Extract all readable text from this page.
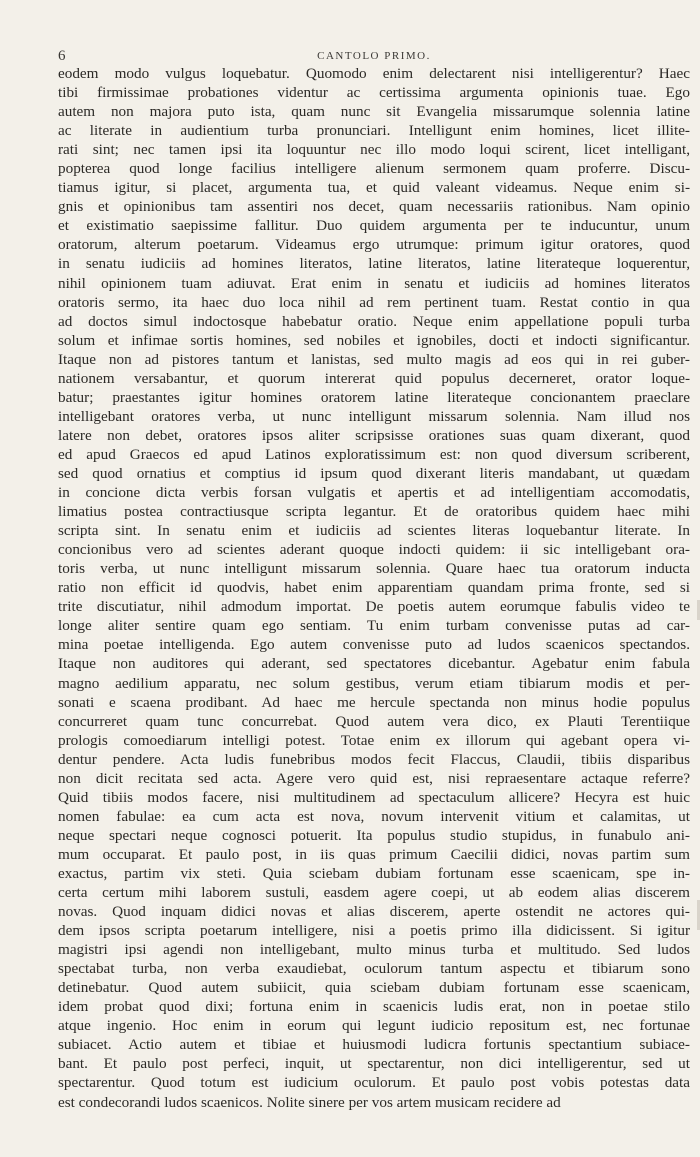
6	CANTOLO PRIMO.
eodem modo vulgus loquebatur. Quomodo enim delectarent nisi intelligerentur? Haec
tibi firmissimae probationes videntur ac certissima argumenta opinionis tuae. Ego
autem non majora puto ista, quam nunc sit Evangelia missarumque solennia latine
ac literate in audientium turba pronunciari. Intelligunt enim homines, licet illite-
rati sint; nec tamen ipsi ita loquuntur nec illo modo loqui scirent, licet intelligant,
popterea quod longe facilius intelligere alienum sermonem quam proferre. Discu-
tiamus igitur, si placet, argumenta tua, et quid valeant videamus. Neque enim si-
gnis et opinionibus tam assentiri nos decet, quam necessariis rationibus. Nam opinio
et existimatio saepissime fallitur. Duo quidem argumenta per te inducuntur, unum
oratorum, alterum poetarum. Videamus ergo utrumque: primum igitur oratores, quod
in senatu iudiciis ad homines literatos, latine literatos, latine literateque loquerentur,
nihil opinionem tuam adiuvat. Erat enim in senatu et iudiciis ad homines literatos
oratoris sermo, ita haec duo loca nihil ad rem pertinent tuam. Restat contio in qua
ad doctos simul indoctosque habebatur oratio. Neque enim appellatione populi turba
solum et infimae sortis homines, sed nobiles et ignobiles, docti et indocti significantur.
Itaque non ad pistores tantum et lanistas, sed multo magis ad eos qui in rei guber-
nationem versabantur, et quorum intererat quid populus decerneret, orator loque-
batur; praestantes igitur homines oratorem latine literateque concionantem praeclare
intelligebant oratores verba, ut nunc intelligunt missarum solennia. Nam illud nos
latere non debet, oratores ipsos aliter scripsisse orationes suas quam dixerant, quod
ed apud Graecos ed apud Latinos exploratissimum est: non quod diversum scriberent,
sed quod ornatius et comptius id ipsum quod dixerant literis mandabant, ut quædam
in concione dicta verbis forsan vulgatis et apertis et ad intelligentiam accomodatis,
limatius postea contractiusque scripta legantur. Et de oratoribus quidem haec mihi
scripta sint. In senatu enim et iudiciis ad scientes literas loquebantur literate. In
concionibus vero ad scientes aderant quoque indocti quidem: ii sic intelligebant ora-
toris verba, ut nunc intelligunt missarum solennia. Quare haec tua oratorum inducta
ratio non efficit id quodvis, habet enim apparentiam quandam prima fronte, sed si
trite discutiatur, nihil admodum importat. De poetis autem eorumque fabulis video te
longe aliter sentire quam ego sentiam. Tu enim turbam convenisse putas ad car-
mina poetae intelligenda. Ego autem convenisse puto ad ludos scaenicos spectandos.
Itaque non auditores qui aderant, sed spectatores dicebantur. Agebatur enim fabula
magno aedilium apparatu, nec solum gestibus, verum etiam tibiarum modis et per-
sonati e scaena prodibant. Ad haec me hercule spectanda non minus hodie populus
concurreret quam tunc concurrebat. Quod autem vera dico, ex Plauti Terentiique
prologis comoediarum intelligi potest. Totae enim ex illorum qui agebant opera vi-
dentur pendere. Acta ludis funebribus modos fecit Flaccus, Claudii, tibiis disparibus
non dicit recitata sed acta. Agere vero quid est, nisi repraesentare actaque referre?
Quid tibiis modos facere, nisi multitudinem ad spectaculum allicere? Hecyra est huic
nomen fabulae: ea cum acta est nova, novum intervenit vitium et calamitas, ut
neque spectari neque cognosci potuerit. Ita populus studio stupidus, in funabulo ani-
mum occuparat. Et paulo post, in iis quas primum Caecilii didici, novas partim sum
exactus, partim vix steti. Quia sciebam dubiam fortunam esse scaenicam, spe in-
certa certum mihi laborem sustuli, easdem agere coepi, ut ab eodem alias discerem
novas. Quod inquam didici novas et alias discerem, aperte ostendit ne actores qui-
dem ipsos scripta poetarum intelligere, nisi a poetis primo illa didicissent. Si igitur
magistri ipsi agendi non intelligebant, multo minus turba et multitudo. Sed ludos
spectabat turba, non verba exaudiebat, oculorum tantum aspectu et tibiarum sono
detinebatur. Quod autem subiicit, quia sciebam dubiam fortunam esse scaenicam,
idem probat quod dixi; fortuna enim in scaenicis ludis erat, non in poetae stilo
atque ingenio. Hoc enim in eorum qui legunt iudicio repositum est, nec fortunae
subiacet. Actio autem et tibiae et huiusmodi ludicra fortunis spectantium subiace-
bant. Et paulo post perfeci, inquit, ut spectarentur, non dici intelligerentur, sed ut
spectarentur. Quod totum est iudicium oculorum. Et paulo post vobis potestas data
est condecorandi ludos scaenicos. Nolite sinere per vos artem musicam recidere ad
